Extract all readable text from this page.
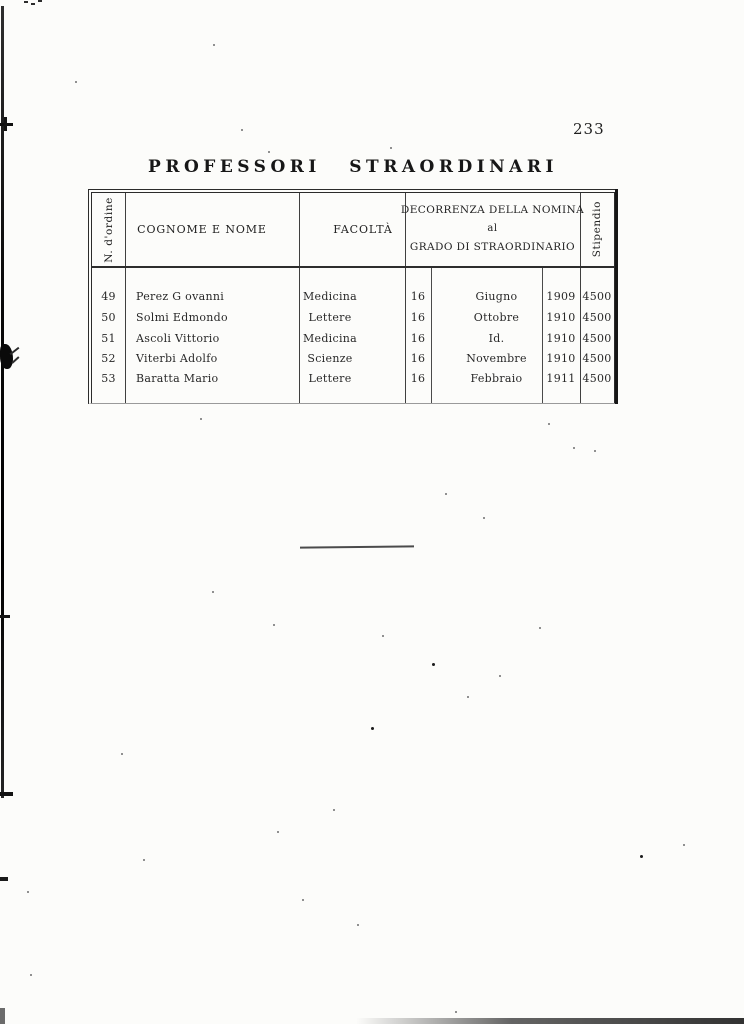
233
PROFESSORI STRAORDINARI
N. d'ordine	COGNOME E NOME	FACOLTÀ
DECORRENZA DELLA NOMINA
al
GRADO DI STRAORDINARIO Stipendio
49	Perez G ovanni	Medicina	16	Giugno	1909 4500
50	Solmi Edmondo	Lettere	16	Ottobre	1910 4500
51	Ascoli Vittorio	Medicina	16	Id.	1910 4500
52	Viterbi Adolfo	Scienze	16	Novembre	1910 4500
53	Baratta Mario	Lettere	16	Febbraio	1911 4500
